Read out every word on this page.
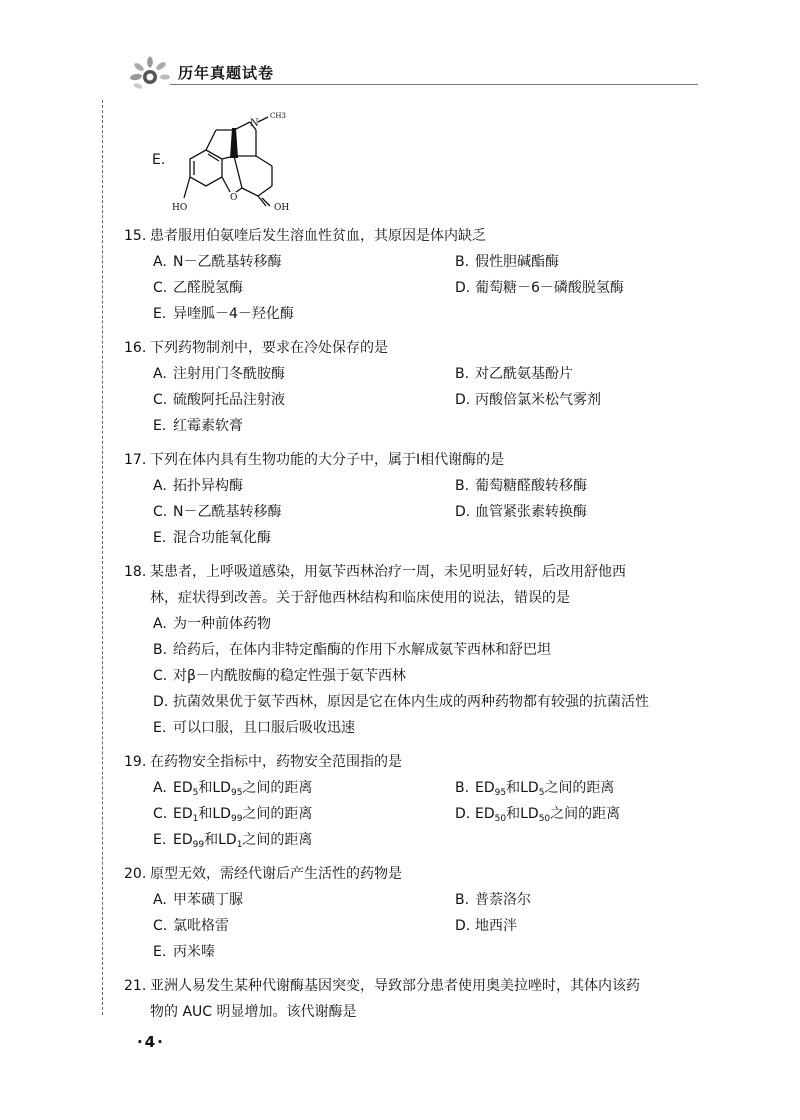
历年真题试卷
E.
N
CH3
O
HO	OH
15. 患者服用伯氨喹后发生溶血性贫血，其原因是体内缺乏
A. N－乙酰基转移酶	B. 假性胆碱酯酶
C. 乙醛脱氢酶	D. 葡萄糖－6－磷酸脱氢酶
E. 异喹胍－4－羟化酶
16. 下列药物制剂中，要求在冷处保存的是
A. 注射用门冬酰胺酶	B. 对乙酰氨基酚片
C. 硫酸阿托品注射液	D. 丙酸倍氯米松气雾剂
E. 红霉素软膏
17. 下列在体内具有生物功能的大分子中，属于Ⅰ相代谢酶的是
A. 拓扑异构酶	B. 葡萄糖醛酸转移酶
C. N－乙酰基转移酶	D. 血管紧张素转换酶
E. 混合功能氧化酶
18. 某患者，上呼吸道感染，用氨苄西林治疗一周，未见明显好转，后改用舒他西
林，症状得到改善。关于舒他西林结构和临床使用的说法，错误的是
A. 为一种前体药物
B. 给药后，在体内非特定酯酶的作用下水解成氨苄西林和舒巴坦
C. 对β－内酰胺酶的稳定性强于氨苄西林
D. 抗菌效果优于氨苄西林，原因是它在体内生成的两种药物都有较强的抗菌活性
E. 可以口服，且口服后吸收迅速
19. 在药物安全指标中，药物安全范围指的是
A. $ED_5$和$LD_{95}$之间的距离	B. $ED_{95}$和$LD_5$之间的距离
C. $ED_1$和$LD_{99}$之间的距离	D. $ED_{50}$和$LD_{50}$之间的距离
E. $ED_{99}$和$LD_1$之间的距离
20. 原型无效，需经代谢后产生活性的药物是
A. 甲苯磺丁脲	B. 普萘洛尔
C. 氯吡格雷	D. 地西泮
E. 丙米嗪
21. 亚洲人易发生某种代谢酶基因突变，导致部分患者使用奥美拉唑时，其体内该药
物的 AUC 明显增加。该代谢酶是
·4·
